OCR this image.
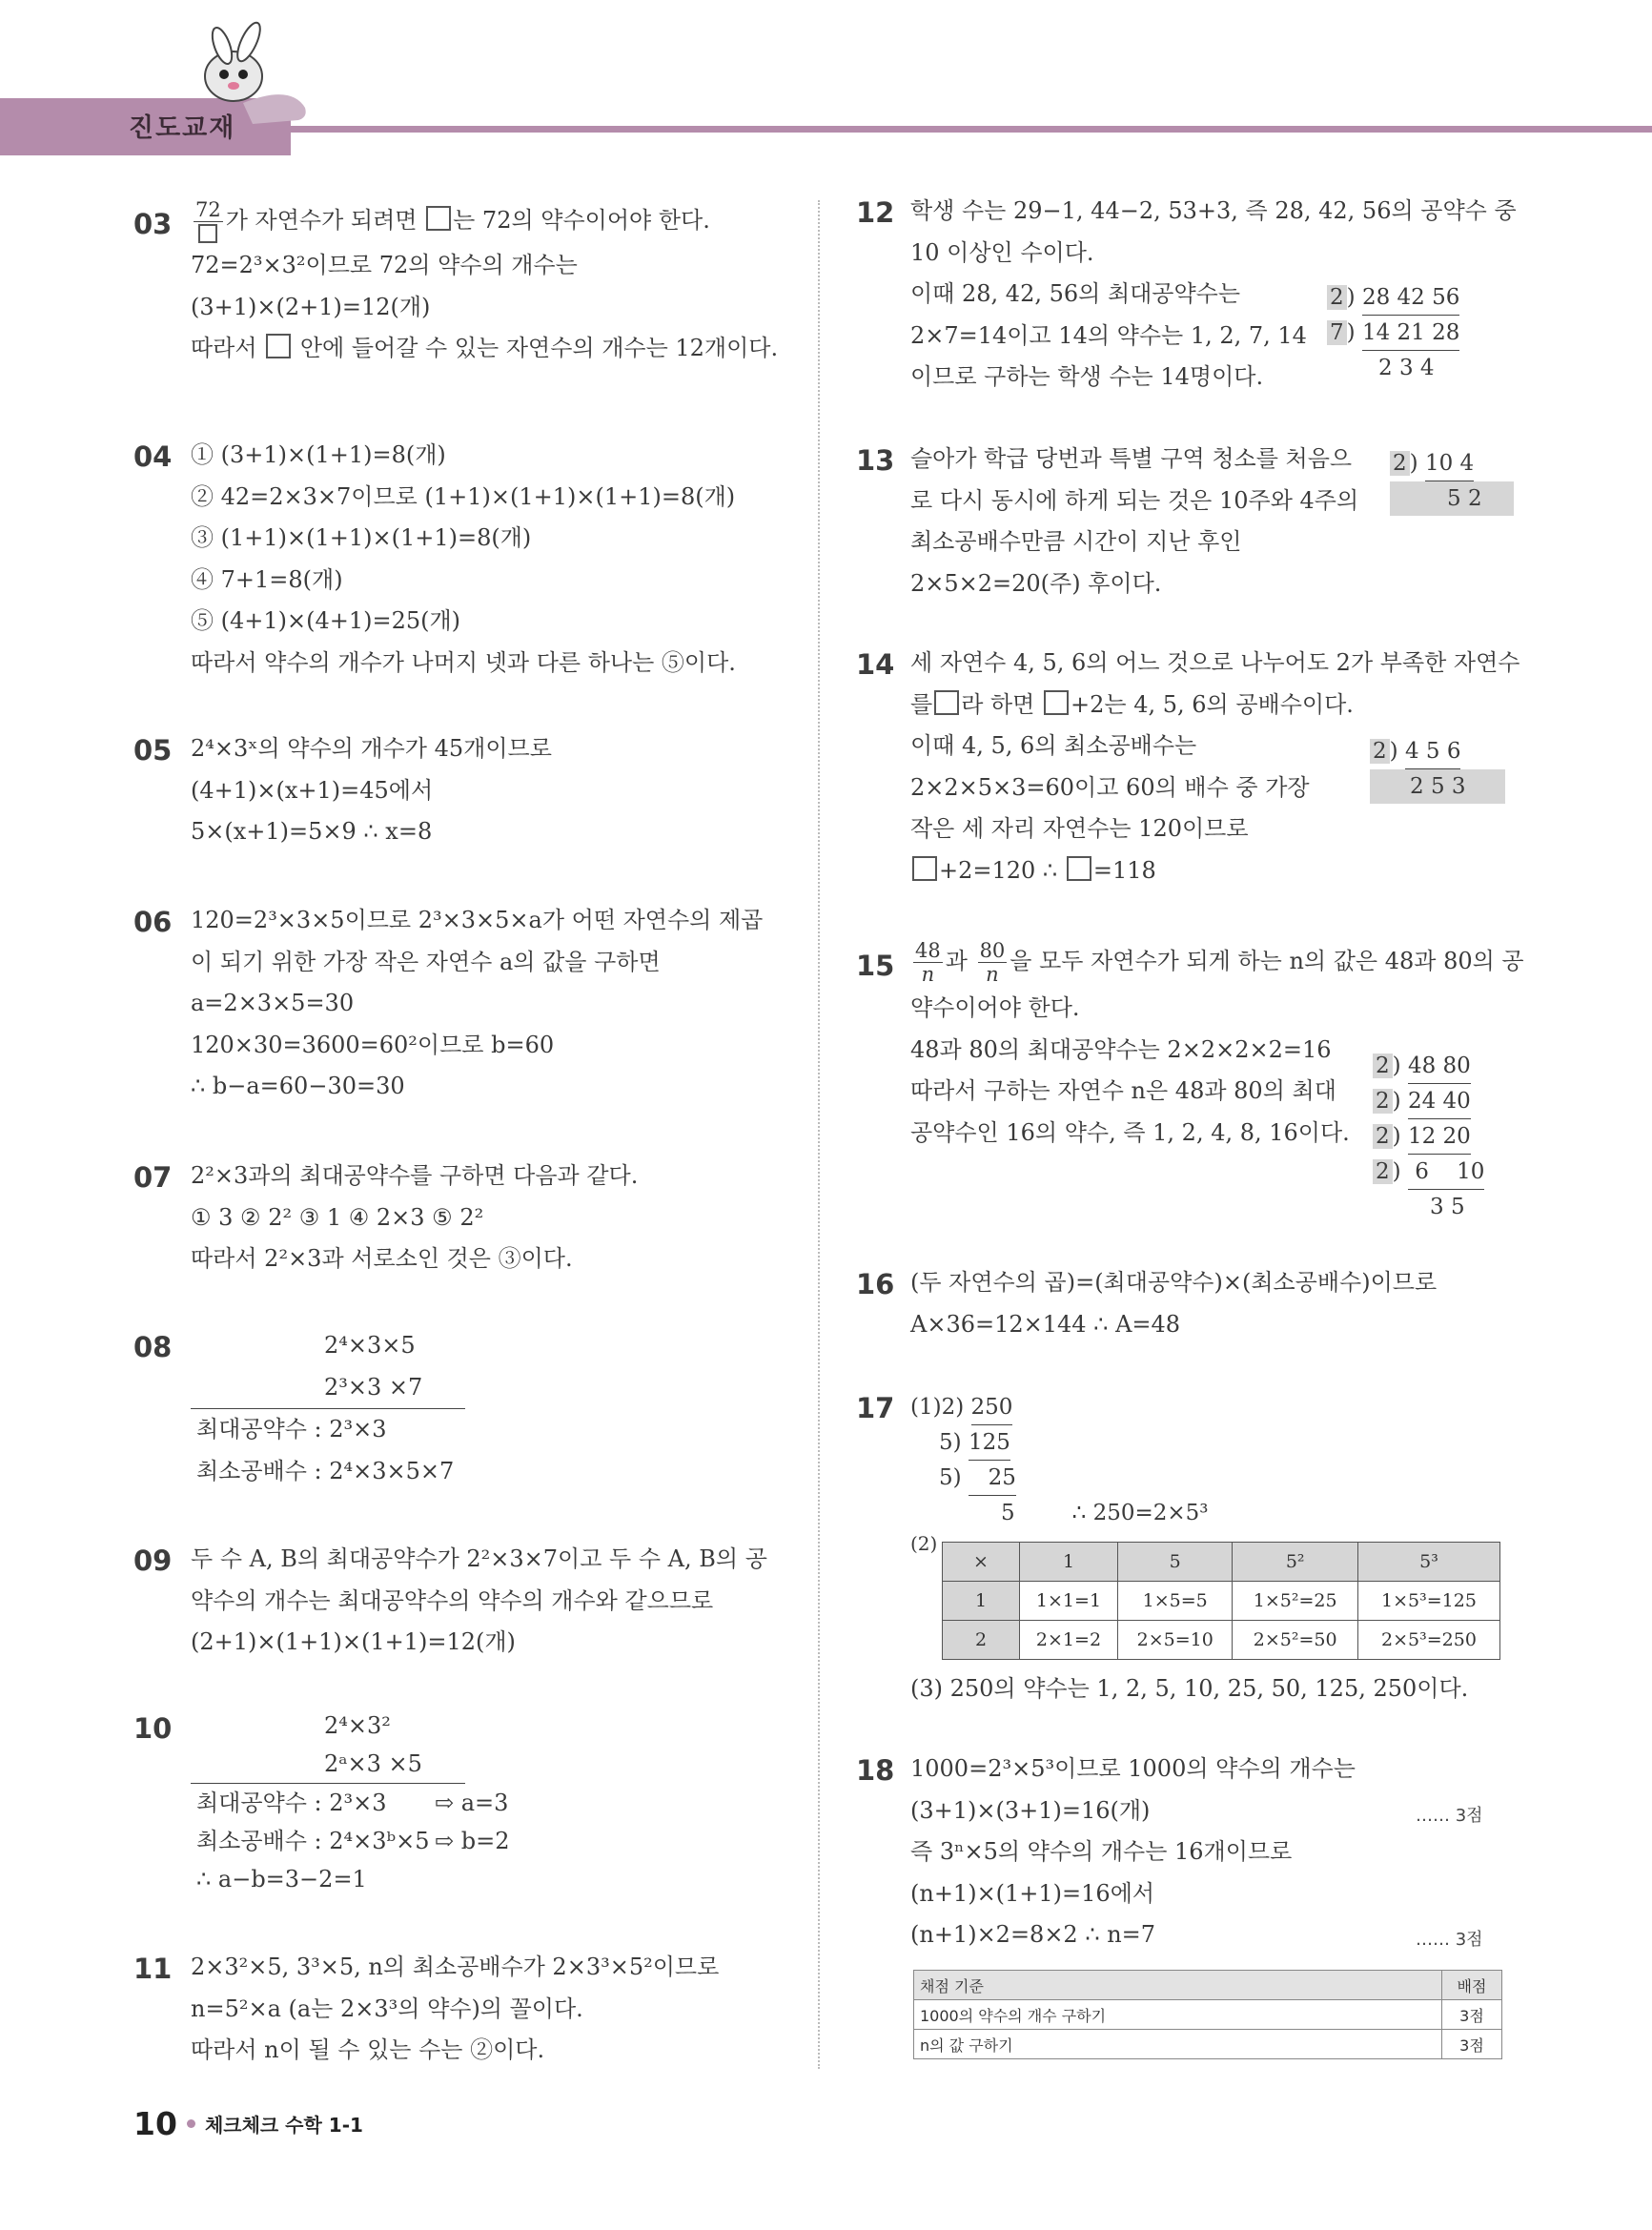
진도교재
03 72 가 자연수가 되려면 는 72의 약수이어야 한다.
72=2³×3²이므로 72의 약수의 개수는
(3+1)×(2+1)=12(개)
따라서 안에 들어갈 수 있는 자연수의 개수는 12개이다.
04 ① (3+1)×(1+1)=8(개)
② 42=2×3×7이므로 (1+1)×(1+1)×(1+1)=8(개)
③ (1+1)×(1+1)×(1+1)=8(개)
④ 7+1=8(개)
⑤ (4+1)×(4+1)=25(개)
따라서 약수의 개수가 나머지 넷과 다른 하나는 ⑤이다.
05 2⁴×3ˣ의 약수의 개수가 45개이므로
(4+1)×(x+1)=45에서
5×(x+1)=5×9 ∴ x=8
06 120=2³×3×5이므로 2³×3×5×a가 어떤 자연수의 제곱
이 되기 위한 가장 작은 자연수 a의 값을 구하면
a=2×3×5=30
120×30=3600=60²이므로 b=60
∴ b−a=60−30=30
07 2²×3과의 최대공약수를 구하면 다음과 같다.
① 3 ② 2² ③ 1 ④ 2×3 ⑤ 2²
따라서 2²×3과 서로소인 것은 ③이다.
08	2⁴×3×5
2³×3 ×7
최대공약수 : 2³×3
최소공배수 : 2⁴×3×5×7
09 두 수 A, B의 최대공약수가 2²×3×7이고 두 수 A, B의 공
약수의 개수는 최대공약수의 약수의 개수와 같으므로
(2+1)×(1+1)×(1+1)=12(개)
10	2⁴×3²
2ᵃ×3 ×5
최대공약수 : 2³×3 ⇨ a=3
최소공배수 : 2⁴×3ᵇ×5 ⇨ b=2
∴ a−b=3−2=1
11 2×3²×5, 3³×5, n의 최소공배수가 2×3³×5²이므로
n=5²×a (a는 2×3³의 약수)의 꼴이다.
따라서 n이 될 수 있는 수는 ②이다.
12 학생 수는 29−1, 44−2, 53+3, 즉 28, 42, 56의 공약수 중
10 이상인 수이다.
이때 28, 42, 56의 최대공약수는
2×7=14이고 14의 약수는 1, 2, 7, 14
이므로 구하는 학생 수는 14명이다.
2 ) 28 42 56
7 ) 14 21 28
2 3 4
13 슬아가 학급 당번과 특별 구역 청소를 처음으
로 다시 동시에 하게 되는 것은 10주와 4주의
최소공배수만큼 시간이 지난 후인
2×5×2=20(주) 후이다.
2 ) 10 4
5 2
14 세 자연수 4, 5, 6의 어느 것으로 나누어도 2가 부족한 자연수
를 라 하면 +2는 4, 5, 6의 공배수이다.
이때 4, 5, 6의 최소공배수는
2×2×5×3=60이고 60의 배수 중 가장
작은 세 자리 자연수는 120이므로
+2=120 ∴ =118
2 ) 4 5 6
2 5 3
$15 \frac{48}{n}$ 과 $\frac{80}{n}$ 을 모두 자연수가 되게 하는 n의 값은 48과 80의 공
약수이어야 한다.
48과 80의 최대공약수는 2×2×2×2=16
따라서 구하는 자연수 n은 48과 80의 최대
공약수인 16의 약수, 즉 1, 2, 4, 8, 16이다.
2 ) 48 80
2 ) 24 40
2 ) 12 20
2 )  6    10
3 5
16 (두 자연수의 곱)=(최대공약수)×(최소공배수)이므로
A×36=12×144 ∴ A=48
17 (1)2) 250
5) 125
5) 25
5	∴ 250=2×5³
(2)
×	1	5	5²	5³
1	1×1=1	1×5=5	1×5²=25	1×5³=125
2	2×1=2	2×5=10	2×5²=50	2×5³=250
(3) 250의 약수는 1, 2, 5, 10, 25, 50, 125, 250이다.
18 1000=2³×5³이므로 1000의 약수의 개수는
(3+1)×(3+1)=16(개)
즉 3ⁿ×5의 약수의 개수는 16개이므로
(n+1)×(1+1)=16에서
(n+1)×2=8×2 ∴ n=7
…… 3점
…… 3점
채점 기준	배점
1000의 약수의 개수 구하기	3점
n의 값 구하기	3점
10 체크체크 수학 1-1
